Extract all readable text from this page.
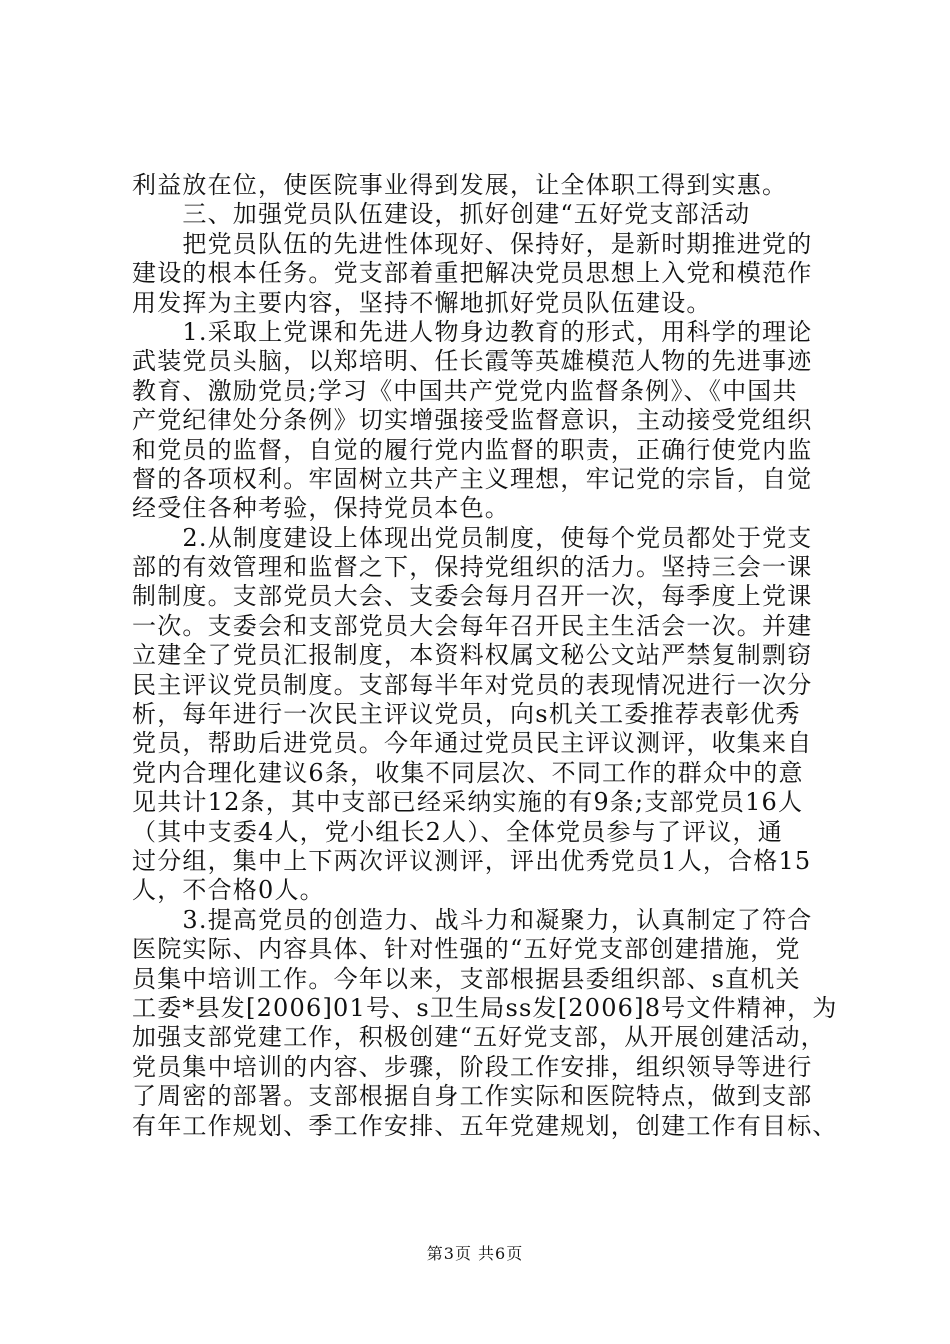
利益放在位，使医院事业得到发展，让全体职工得到实惠。
　　三、加强党员队伍建设，抓好创建“五好党支部活动
　　把党员队伍的先进性体现好、保持好，是新时期推进党的
建设的根本任务。党支部着重把解决党员思想上入党和模范作
用发挥为主要内容，坚持不懈地抓好党员队伍建设。
　　1.采取上党课和先进人物身边教育的形式，用科学的理论
武装党员头脑，以郑培明、任长霞等英雄模范人物的先进事迹
教育、激励党员;学习《中国共产党党内监督条例》、《中国共
产党纪律处分条例》切实增强接受监督意识，主动接受党组织
和党员的监督，自觉的履行党内监督的职责，正确行使党内监
督的各项权利。牢固树立共产主义理想，牢记党的宗旨，自觉
经受住各种考验，保持党员本色。
　　2.从制度建设上体现出党员制度，使每个党员都处于党支
部的有效管理和监督之下，保持党组织的活力。坚持三会一课
制制度。支部党员大会、支委会每月召开一次，每季度上党课
一次。支委会和支部党员大会每年召开民主生活会一次。并建
立建全了党员汇报制度，本资料权属文秘公文站严禁复制剽窃
民主评议党员制度。支部每半年对党员的表现情况进行一次分
析，每年进行一次民主评议党员，向s机关工委推荐表彰优秀
党员，帮助后进党员。今年通过党员民主评议测评，收集来自
党内合理化建议6条，收集不同层次、不同工作的群众中的意
见共计12条，其中支部已经采纳实施的有9条;支部党员16人
（其中支委4人，党小组长2人）、全体党员参与了评议，通
过分组，集中上下两次评议测评，评出优秀党员1人，合格15
人，不合格0人。
　　3.提高党员的创造力、战斗力和凝聚力，认真制定了符合
医院实际、内容具体、针对性强的“五好党支部创建措施，党
员集中培训工作。今年以来，支部根据县委组织部、s直机关
工委*县发[2006]01号、s卫生局ss发[2006]8号文件精神，为
加强支部党建工作，积极创建“五好党支部，从开展创建活动，
党员集中培训的内容、步骤，阶段工作安排，组织领导等进行
了周密的部署。支部根据自身工作实际和医院特点，做到支部
有年工作规划、季工作安排、五年党建规划，创建工作有目标、
第3页 共6页
